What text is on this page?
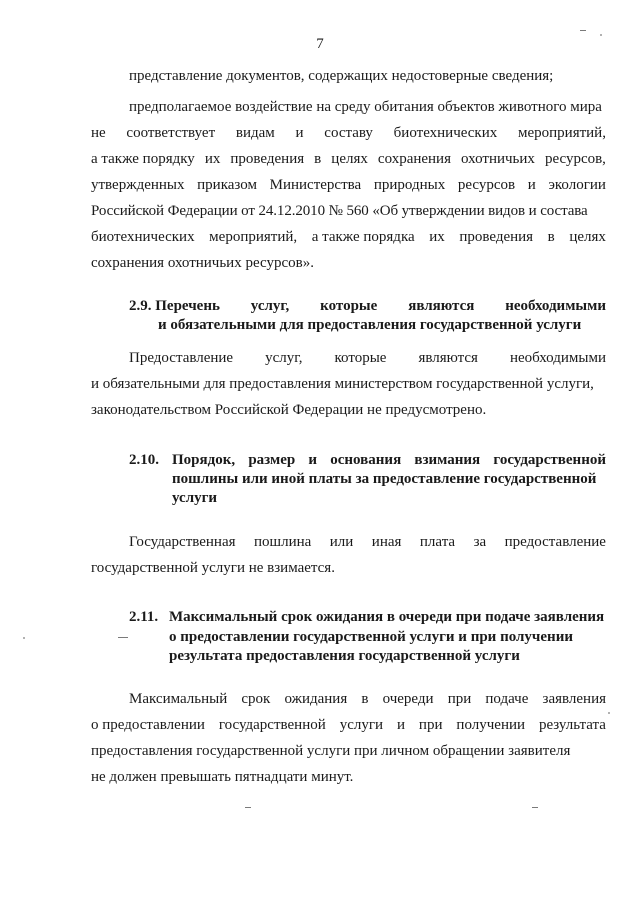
7
представление документов, содержащих недостоверные сведения;
предполагаемое воздействие на среду обитания объектов животного мира
не соответствует видам и составу биотехнических мероприятий,
а также порядку их проведения в целях сохранения охотничьих ресурсов,
утвержденных приказом Министерства природных ресурсов и экологии
Российской Федерации от 24.12.2010 № 560 «Об утверждении видов и состава
биотехнических мероприятий, а также порядка их проведения в целях
сохранения охотничьих ресурсов».
2.9. Перечень услуг, которые являются необходимыми
и обязательными для предоставления государственной услуги
Предоставление услуг, которые являются необходимыми
и обязательными для предоставления министерством государственной услуги,
законодательством Российской Федерации не предусмотрено.
2.10. Порядок, размер и основания взимания государственной
пошлины или иной платы за предоставление государственной
услуги
Государственная пошлина или иная плата за предоставление
государственной услуги не взимается.
2.11. Максимальный срок ожидания в очереди при подаче заявления
о предоставлении государственной услуги и при получении
результата предоставления государственной услуги
Максимальный срок ожидания в очереди при подаче заявления
о предоставлении государственной услуги и при получении результата
предоставления государственной услуги при личном обращении заявителя
не должен превышать пятнадцати минут.
